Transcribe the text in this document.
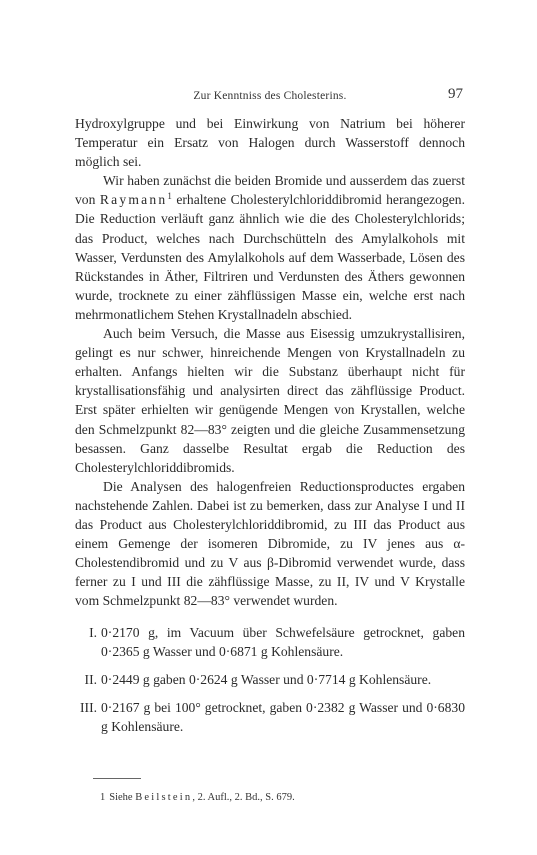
Zur Kenntniss des Cholesterins.	97

Hydroxylgruppe und bei Einwirkung von Natrium bei höherer Temperatur ein Ersatz von Halogen durch Wasserstoff dennoch möglich sei.

Wir haben zunächst die beiden Bromide und ausserdem das zuerst von Raymann$^1$ erhaltene Cholesterylchloriddibromid herangezogen. Die Reduction verläuft ganz ähnlich wie die des Cholesterylchlorids; das Product, welches nach Durchschütteln des Amylalkohols mit Wasser, Verdunsten des Amylalkohols auf dem Wasserbade, Lösen des Rückstandes in Äther, Filtriren und Verdunsten des Äthers gewonnen wurde, trocknete zu einer zähflüssigen Masse ein, welche erst nach mehrmonatlichem Stehen Krystallnadeln abschied.

Auch beim Versuch, die Masse aus Eisessig umzukrystallisiren, gelingt es nur schwer, hinreichende Mengen von Krystallnadeln zu erhalten. Anfangs hielten wir die Substanz überhaupt nicht für krystallisationsfähig und analysirten direct das zähflüssige Product. Erst später erhielten wir genügende Mengen von Krystallen, welche den Schmelzpunkt 82—83° zeigten und die gleiche Zusammensetzung besassen. Ganz dasselbe Resultat ergab die Reduction des Cholesterylchloriddibromids.

Die Analysen des halogenfreien Reductionsproductes ergaben nachstehende Zahlen. Dabei ist zu bemerken, dass zur Analyse I und II das Product aus Cholesterylchloriddibromid, zu III das Product aus einem Gemenge der isomeren Dibromide, zu IV jenes aus α-Cholestendibromid und zu V aus β-Dibromid verwendet wurde, dass ferner zu I und III die zähflüssige Masse, zu II, IV und V Krystalle vom Schmelzpunkt 82—83° verwendet wurden.

I. 0·2170 g, im Vacuum über Schwefelsäure getrocknet, gaben 0·2365 g Wasser und 0·6871 g Kohlensäure.
II. 0·2449 g gaben 0·2624 g Wasser und 0·7714 g Kohlensäure.
III. 0·2167 g bei 100° getrocknet, gaben 0·2382 g Wasser und 0·6830 g Kohlensäure.
1 Siehe Beilstein, 2. Aufl., 2. Bd., S. 679.
